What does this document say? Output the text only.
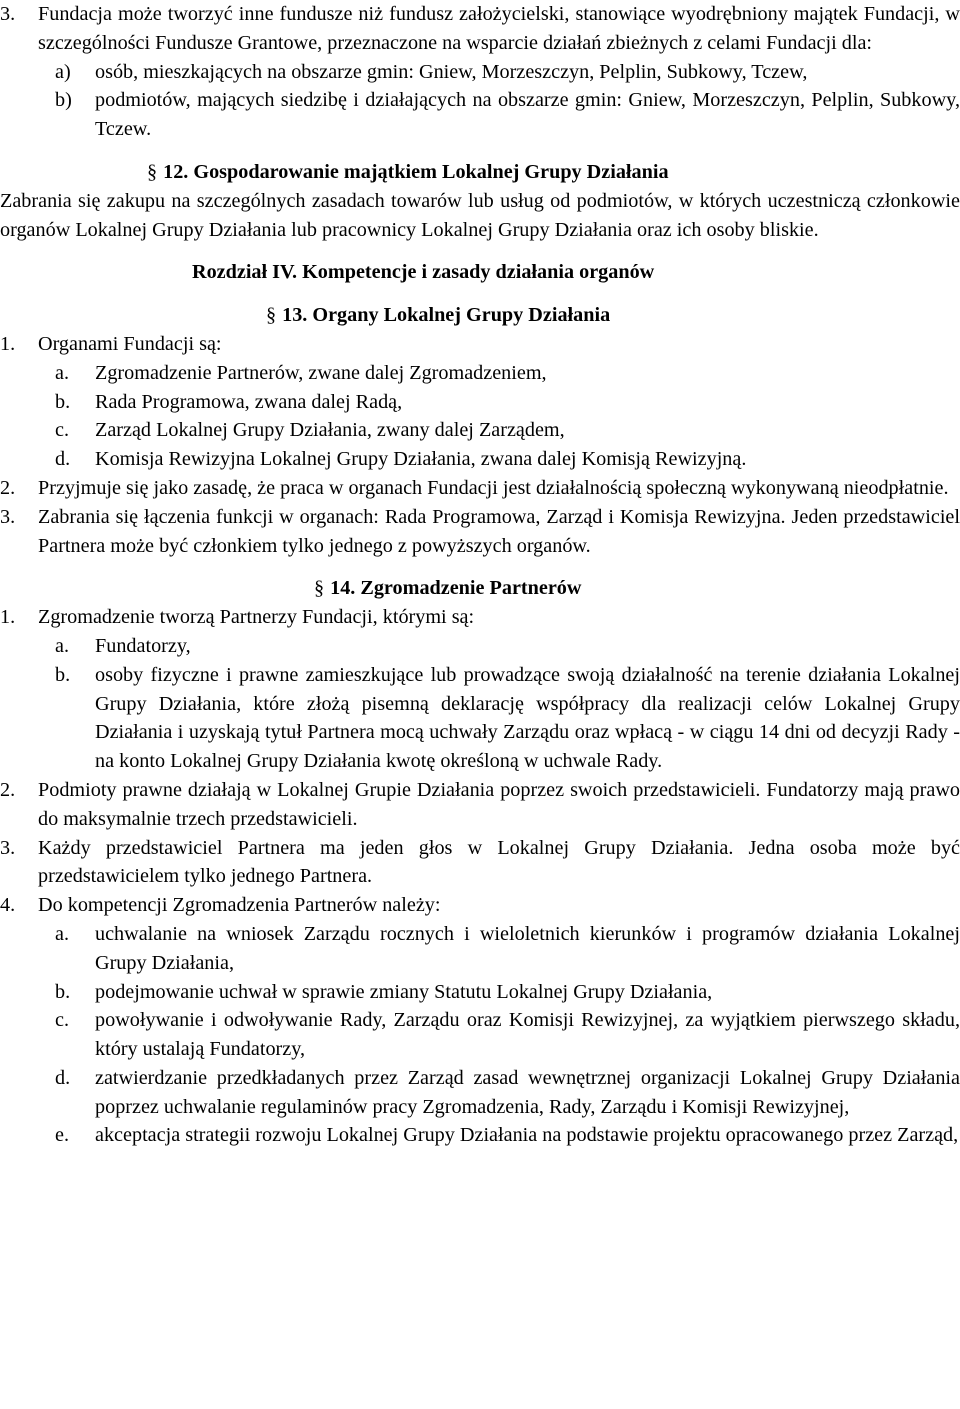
3. Fundacja może tworzyć inne fundusze niż fundusz założycielski, stanowiące wyodrębniony majątek Fundacji, w szczególności Fundusze Grantowe, przeznaczone na wsparcie działań zbieżnych z celami Fundacji dla:
a) osób, mieszkających na obszarze gmin: Gniew, Morzeszczyn, Pelplin, Subkowy, Tczew,
b) podmiotów, mających siedzibę i działających na obszarze gmin: Gniew, Morzeszczyn, Pelplin, Subkowy, Tczew.
§ 12. Gospodarowanie majątkiem Lokalnej Grupy Działania
Zabrania się zakupu na szczególnych zasadach towarów lub usług od podmiotów, w których uczestniczą członkowie organów Lokalnej Grupy Działania lub pracownicy Lokalnej Grupy Działania oraz ich osoby bliskie.
Rozdział IV. Kompetencje i zasady działania organów
§ 13. Organy Lokalnej Grupy Działania
1. Organami Fundacji są:
a. Zgromadzenie Partnerów, zwane dalej Zgromadzeniem,
b. Rada Programowa, zwana dalej Radą,
c. Zarząd Lokalnej Grupy Działania, zwany dalej Zarządem,
d. Komisja Rewizyjna Lokalnej Grupy Działania, zwana dalej Komisją Rewizyjną.
2. Przyjmuje się jako zasadę, że praca w organach Fundacji jest działalnością społeczną wykonywaną nieodpłatnie.
3. Zabrania się łączenia funkcji w organach: Rada Programowa, Zarząd i Komisja Rewizyjna. Jeden przedstawiciel Partnera może być członkiem tylko jednego z powyższych organów.
§ 14. Zgromadzenie Partnerów
1. Zgromadzenie tworzą Partnerzy Fundacji, którymi są:
a. Fundatorzy,
b. osoby fizyczne i prawne zamieszkujące lub prowadzące swoją działalność na terenie działania Lokalnej Grupy Działania, które złożą pisemną deklarację współpracy dla realizacji celów Lokalnej Grupy Działania i uzyskają tytuł Partnera mocą uchwały Zarządu oraz wpłacą - w ciągu 14 dni od decyzji Rady - na konto Lokalnej Grupy Działania kwotę określoną w uchwale Rady.
2. Podmioty prawne działają w Lokalnej Grupie Działania poprzez swoich przedstawicieli. Fundatorzy mają prawo do maksymalnie trzech przedstawicieli.
3. Każdy przedstawiciel Partnera ma jeden głos w Lokalnej Grupy Działania. Jedna osoba może być przedstawicielem tylko jednego Partnera.
4. Do kompetencji Zgromadzenia Partnerów należy:
a. uchwalanie na wniosek Zarządu rocznych i wieloletnich kierunków i programów działania Lokalnej Grupy Działania,
b. podejmowanie uchwał w sprawie zmiany Statutu Lokalnej Grupy Działania,
c. powoływanie i odwoływanie Rady, Zarządu oraz Komisji Rewizyjnej, za wyjątkiem pierwszego składu, który ustalają Fundatorzy,
d. zatwierdzanie przedkładanych przez Zarząd zasad wewnętrznej organizacji Lokalnej Grupy Działania poprzez uchwalanie regulaminów pracy Zgromadzenia, Rady, Zarządu i Komisji Rewizyjnej,
e. akceptacja strategii rozwoju Lokalnej Grupy Działania na podstawie projektu opracowanego przez Zarząd,
